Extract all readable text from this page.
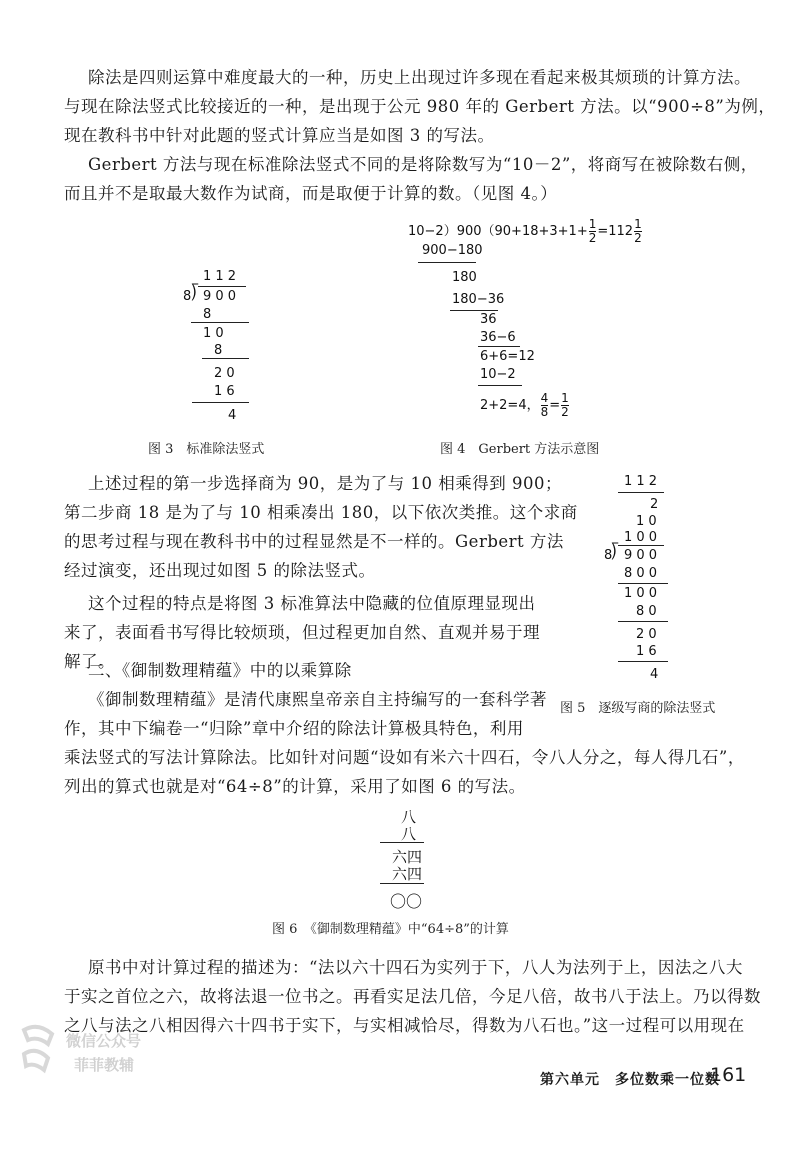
除法是四则运算中难度最大的一种，历史上出现过许多现在看起来极其烦琐的计算方法。
与现在除法竖式比较接近的一种，是出现于公元 980 年的 Gerbert 方法。以“900÷8”为例，
现在教科书中针对此题的竖式计算应当是如图 3 的写法。
Gerbert 方法与现在标准除法竖式不同的是将除数写为“10－2”，将商写在被除数右侧，
而且并不是取最大数作为试商，而是取便于计算的数。（见图 4。）
1 1 2
8 ⟌ 9 0 0
8
1 0
8
2 0
1 6
4
图 3　标准除法竖式
$10-2)900(90+18+3+1+ \frac{1}{2} =112 \frac{1}{2}$
900−180
180
180−36
36
36−6
6+6=12
10−2
2+2=4， $\frac{4}{8} = \frac{1}{2}$
图 4　Gerbert 方法示意图
上述过程的第一步选择商为 90，是为了与 10 相乘得到 900；
第二步商 18 是为了与 10 相乘凑出 180，以下依次类推。这个求商
的思考过程与现在教科书中的过程显然是不一样的。Gerbert 方法
经过演变，还出现过如图 5 的除法竖式。
这个过程的特点是将图 3 标准算法中隐藏的位值原理显现出
来了，表面看书写得比较烦琐，但过程更加自然、直观并易于理
解了。
1 1 2
2
1 0
1 0 0
8
⟌ 9 0 0
8 0 0
1 0 0
8 0
2 0
1 6
4
图 5　逐级写商的除法竖式
二、《御制数理精蕴》中的以乘算除
《御制数理精蕴》是清代康熙皇帝亲自主持编写的一套科学著
作，其中下编卷一“归除”章中介绍的除法计算极具特色，利用
乘法竖式的写法计算除法。比如针对问题“设如有米六十四石，令八人分之，每人得几石”，
列出的算式也就是对“64÷8”的计算，采用了如图 6 的写法。
八
八
六四
六四
〇〇
图 6　《御制数理精蕴》中“64÷8”的计算
原书中对计算过程的描述为：“法以六十四石为实列于下，八人为法列于上，因法之八大
于实之首位之六，故将法退一位书之。再看实足法几倍，今足八倍，故书八于法上。乃以得数
之八与法之八相因得六十四书于实下，与实相减恰尽，得数为八石也。”这一过程可以用现在
微信公众号
菲菲教辅
第六单元　多位数乘一位数
161
